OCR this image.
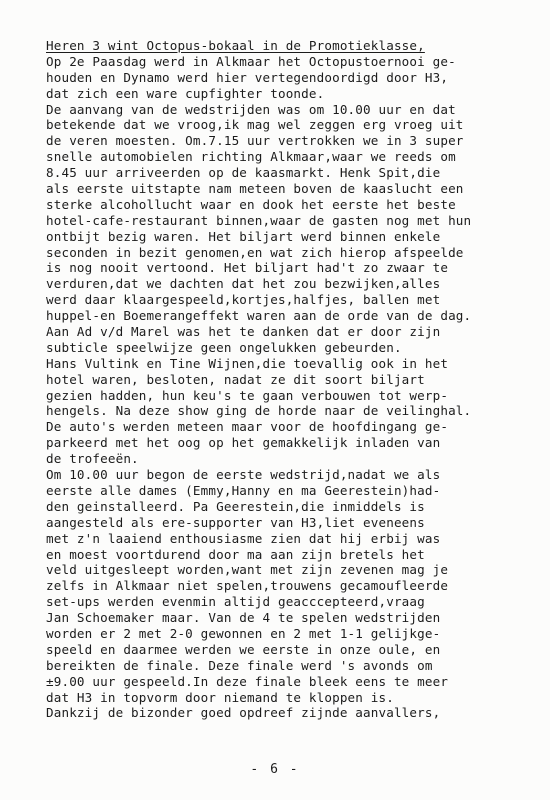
Heren 3 wint Octopus-bokaal in de Promotieklasse,
Op 2e Paasdag werd in Alkmaar het Octopustoernooi ge-
houden en Dynamo werd hier vertegendoordigd door H3,
dat zich een ware cupfighter toonde.
De aanvang van de wedstrijden was om 10.00 uur en dat
betekende dat we vroog,ik mag wel zeggen erg vroeg uit
de veren moesten. Om.7.15 uur vertrokken we in 3 super
snelle automobielen richting Alkmaar,waar we reeds om
8.45 uur arriveerden op de kaasmarkt. Henk Spit,die
als eerste uitstapte nam meteen boven de kaaslucht een
sterke alcohollucht waar en dook het eerste het beste
hotel-cafe-restaurant binnen,waar de gasten nog met hun
ontbijt bezig waren. Het biljart werd binnen enkele
seconden in bezit genomen,en wat zich hierop afspeelde
is nog nooit vertoond. Het biljart had't zo zwaar te
verduren,dat we dachten dat het zou bezwijken,alles
werd daar klaargespeeld,kortjes,halfjes, ballen met
huppel-en Boemerangeffekt waren aan de orde van de dag.
Aan Ad v/d Marel was het te danken dat er door zijn
subticle speelwijze geen ongelukken gebeurden.
Hans Vultink en Tine Wijnen,die toevallig ook in het
hotel waren, besloten, nadat ze dit soort biljart
gezien hadden, hun keu's te gaan verbouwen tot werp-
hengels. Na deze show ging de horde naar de veilinghal.
De auto's werden meteen maar voor de hoofdingang ge-
parkeerd met het oog op het gemakkelijk inladen van
de trofeeën.
Om 10.00 uur begon de eerste wedstrijd,nadat we als
eerste alle dames (Emmy,Hanny en ma Geerestein)had-
den geinstalleerd. Pa Geerestein,die inmiddels is
aangesteld als ere-supporter van H3,liet eveneens
met z'n laaiend enthousiasme zien dat hij erbij was
en moest voortdurend door ma aan zijn bretels het
veld uitgesleept worden,want met zijn zevenen mag je
zelfs in Alkmaar niet spelen,trouwens gecamoufleerde
set-ups werden evenmin altijd geacccepteerd,vraag
Jan Schoemaker maar. Van de 4 te spelen wedstrijden
worden er 2 met 2-0 gewonnen en 2 met 1-1 gelijkge-
speeld en daarmee werden we eerste in onze oule, en
bereikten de finale. Deze finale werd 's avonds om
±9.00 uur gespeeld.In deze finale bleek eens te meer
dat H3 in topvorm door niemand te kloppen is.
Dankzij de bizonder goed opdreef zijnde aanvallers,
- 6 -
